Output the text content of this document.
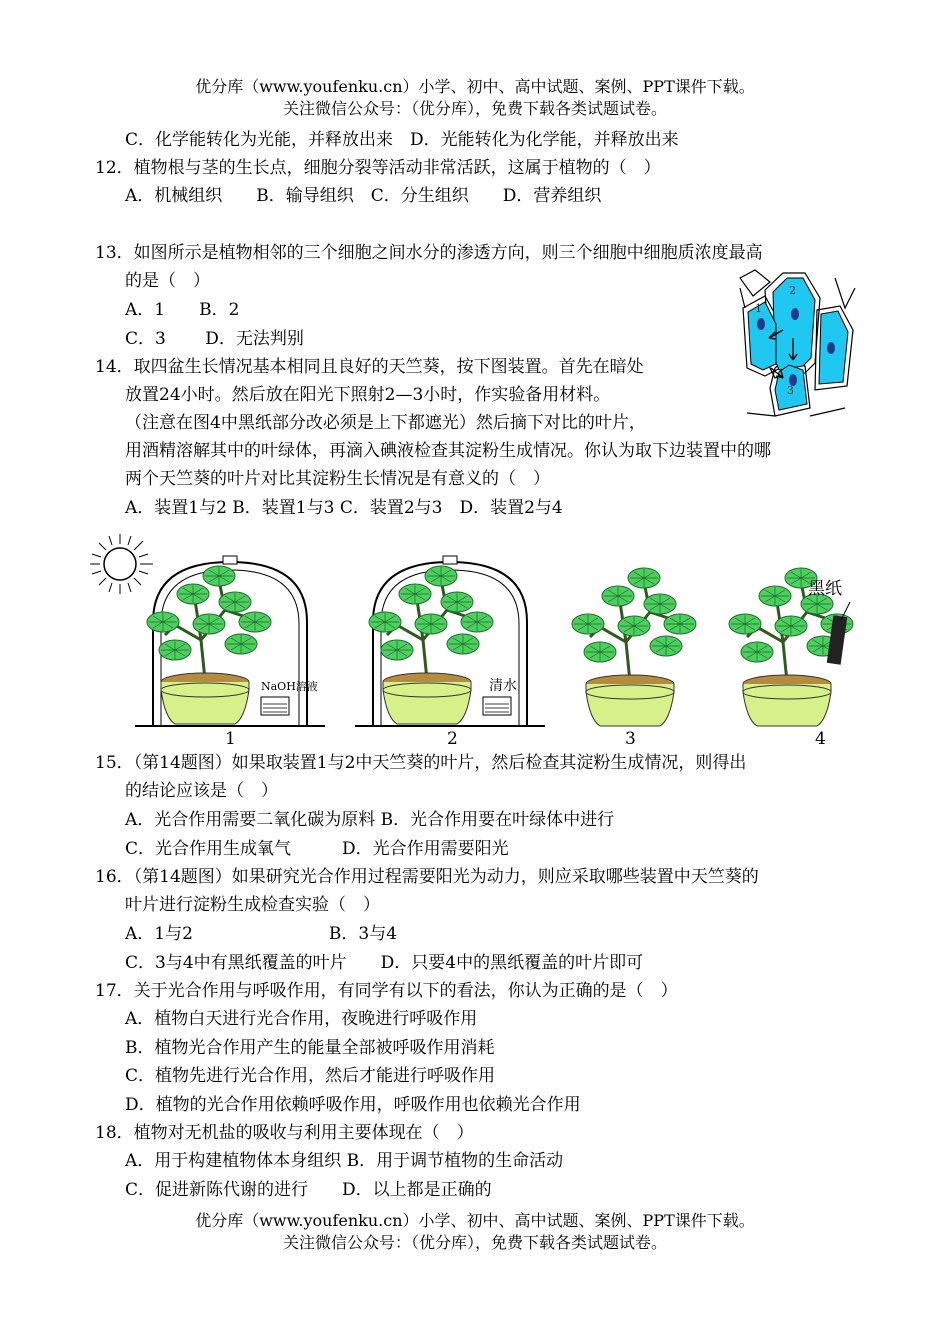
优分库（www.youfenku.cn）小学、初中、高中试题、案例、PPT课件下载。
关注微信公众号：（优分库），免费下载各类试题试卷。
C．化学能转化为光能，并释放出来　D．光能转化为化学能，并释放出来
12．植物根与茎的生长点，细胞分裂等活动非常活跃，这属于植物的（　）
A．机械组织　　B．输导组织　C．分生组织　　D．营养组织
13．如图所示是植物相邻的三个细胞之间水分的渗透方向，则三个细胞中细胞质浓度最高
的是（　）
A．1　　B．2
C．3　　 D．无法判别
1
2
3
14．取四盆生长情况基本相同且良好的天竺葵，按下图装置。首先在暗处
放置24小时。然后放在阳光下照射2—3小时，作实验备用材料。
（注意在图4中黑纸部分改必须是上下都遮光）然后摘下对比的叶片，
用酒精溶解其中的叶绿体，再滴入碘液检查其淀粉生成情况。你认为取下边装置中的哪
两个天竺葵的叶片对比其淀粉生长情况是有意义的（　）
A．装置1与2 B．装置1与3 C．装置2与3　D．装置2与4
NaOH溶液
1
清水
2	3
黑纸
4
15．（第14题图）如果取装置1与2中天竺葵的叶片，然后检查其淀粉生成情况，则得出
的结论应该是（　）
A．光合作用需要二氧化碳为原料 B．光合作用要在叶绿体中进行
C．光合作用生成氧气　　　D．光合作用需要阳光
16．（第14题图）如果研究光合作用过程需要阳光为动力，则应采取哪些装置中天竺葵的
叶片进行淀粉生成检查实验（　）
A．1与2　　　　　　　　B．3与4
C．3与4中有黑纸覆盖的叶片　　D．只要4中的黑纸覆盖的叶片即可
17．关于光合作用与呼吸作用，有同学有以下的看法，你认为正确的是（　）
A．植物白天进行光合作用，夜晚进行呼吸作用
B．植物光合作用产生的能量全部被呼吸作用消耗
C．植物先进行光合作用，然后才能进行呼吸作用
D．植物的光合作用依赖呼吸作用，呼吸作用也依赖光合作用
18．植物对无机盐的吸收与利用主要体现在（　）
A．用于构建植物体本身组织 B．用于调节植物的生命活动
C．促进新陈代谢的进行　　D．以上都是正确的
优分库（www.youfenku.cn）小学、初中、高中试题、案例、PPT课件下载。
关注微信公众号：（优分库），免费下载各类试题试卷。
